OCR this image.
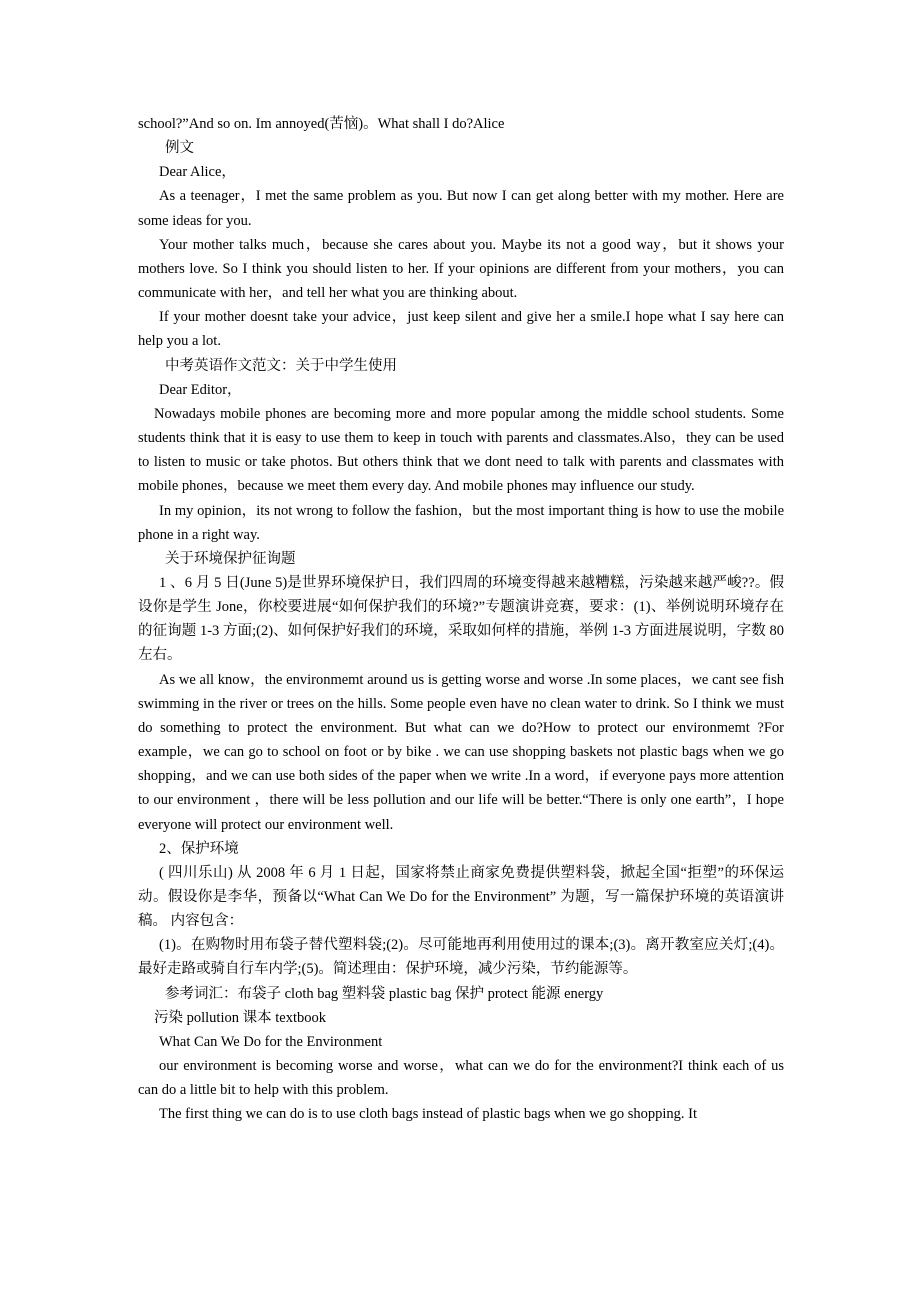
school?”And so on. Im annoyed(苦恼)。What shall I do?Alice

例文

Dear Alice，

As a teenager，I met the same problem as you. But now I can get along better with my mother. Here are some ideas for you.

Your mother talks much，because she cares about you. Maybe its not a good way，but it shows your mothers love. So I think you should listen to her. If your opinions are different from your mothers，you can communicate with her，and tell her what you are thinking about.

If your mother doesnt take your advice，just keep silent and give her a smile.I hope what I say here can help you a lot.

中考英语作文范文：关于中学生使用

Dear Editor，

Nowadays mobile phones are becoming more and more popular among the middle school students. Some students think that it is easy to use them to keep in touch with parents and classmates.Also，they can be used to listen to music or take photos. But others think that we dont need to talk with parents and classmates with mobile phones，because we meet them every day. And mobile phones may influence our study.

In my opinion，its not wrong to follow the fashion，but the most important thing is how to use the mobile phone in a right way.

关于环境保护征询题

1 、6 月 5 日(June 5)是世界环境保护日，我们四周的环境变得越来越糟糕，污染越来越严峻??。假设你是学生 Jone，你校要进展“如何保护我们的环境?”专题演讲竞赛，要求：(1)、举例说明环境存在的征询题 1-3 方面;(2)、如何保护好我们的环境，采取如何样的措施，举例 1-3 方面进展说明，字数 80 左右。

As we all know，the environmemt around us is getting worse and worse .In some places，we cant see fish swimming in the river or trees on the hills. Some people even have no clean water to drink. So I think we must do something to protect the environment. But what can we do?How to protect our environmemt ?For example，we can go to school on foot or by bike . we can use shopping baskets not plastic bags when we go shopping，and we can use both sides of the paper when we write .In a word，if everyone pays more attention to our environment ，there will be less pollution and our life will be better.“There is only one earth”，I hope everyone will protect our environment well.

2、保护环境

( 四川乐山) 从 2008 年 6 月 1 日起，国家将禁止商家免费提供塑料袋，掀起全国“拒塑”的环保运动。假设你是李华，预备以“What Can We Do for the Environment” 为题，写一篇保护环境的英语演讲稿。 内容包含：

(1)。在购物时用布袋子替代塑料袋;(2)。尽可能地再利用使用过的课本;(3)。离开教室应关灯;(4)。最好走路或骑自行车内学;(5)。简述理由：保护环境，减少污染，节约能源等。

参考词汇：布袋子 cloth bag 塑料袋 plastic bag 保护 protect 能源 energy

污染 pollution 课本 textbook

What Can We Do for the Environment

our environment is becoming worse and worse，what can we do for the environment?I think each of us can do a little bit to help with this problem.

The first thing we can do is to use cloth bags instead of plastic bags when we go shopping. It
